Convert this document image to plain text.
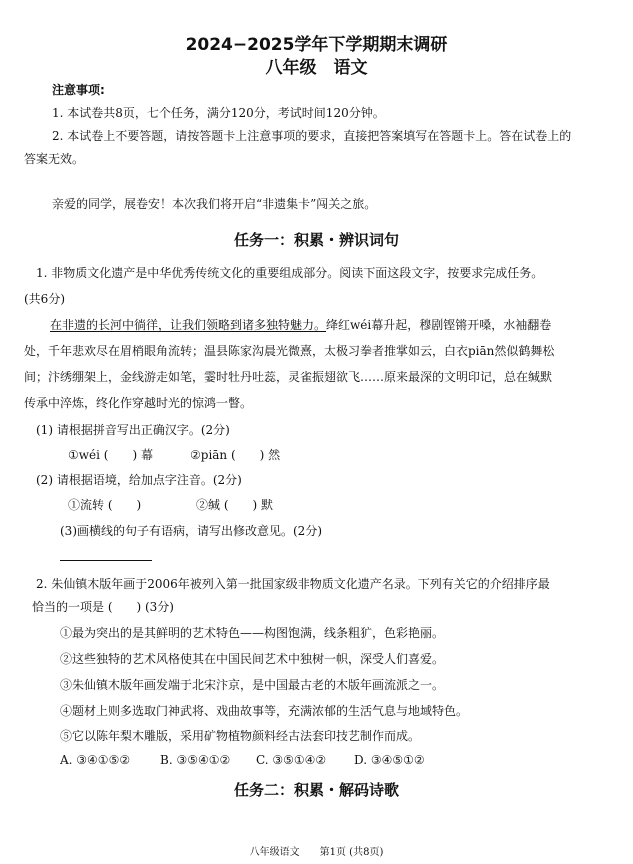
2024−2025学年下学期期末调研
八年级　语文
注意事项:
1. 本试卷共8页，七个任务，满分120分，考试时间120分钟。
2. 本试卷上不要答题，请按答题卡上注意事项的要求，直接把答案填写在答题卡上。答在试卷上的
答案无效。
亲爱的同学，展卷安！本次我们将开启“非遗集卡”闯关之旅。
任务一：积累・辨识词句
1. 非物质文化遗产是中华优秀传统文化的重要组成部分。阅读下面这段文字，按要求完成任务。
(共6分)
在非遗的长河中徜徉，让我们领略到诸多独特魅力。绛红wéi幕升起，穆剧铿锵开嗓，水袖翻卷
处，千年悲欢尽在眉梢眼角流转；温县陈家沟晨光微熹，太极习拳者推掌如云，白衣piān然似鹤舞松
间；汴绣绷架上，金线游走如笔，霎时牡丹吐蕊，灵雀振翅欲飞……原来最深的文明印记，总在缄默
传承中淬炼，终化作穿越时光的惊鸿一瞥。
(1) 请根据拼音写出正确汉字。(2分)
①wéi (　　) 幕	②piān (　　) 然
(2) 请根据语境，给加点字注音。(2分)
①流转 (　　)	②缄 (　　) 默
(3)画横线的句子有语病，请写出修改意见。(2分)
2. 朱仙镇木版年画于2006年被列入第一批国家级非物质文化遗产名录。下列有关它的介绍排序最
恰当的一项是 (　　) (3分)
①最为突出的是其鲜明的艺术特色——构图饱满，线条粗犷，色彩艳丽。
②这些独特的艺术风格使其在中国民间艺术中独树一帜，深受人们喜爱。
③朱仙镇木版年画发端于北宋汴京，是中国最古老的木版年画流派之一。
④题材上则多选取门神武将、戏曲故事等，充满浓郁的生活气息与地域特色。
⑤它以陈年梨木雕版，采用矿物植物颜料经古法套印技艺制作而成。
A. ③④①⑤② B. ③⑤④①② C. ③⑤①④② D. ③④⑤①②
任务二：积累・解码诗歌
八年级语文　　第1页 (共8页)
